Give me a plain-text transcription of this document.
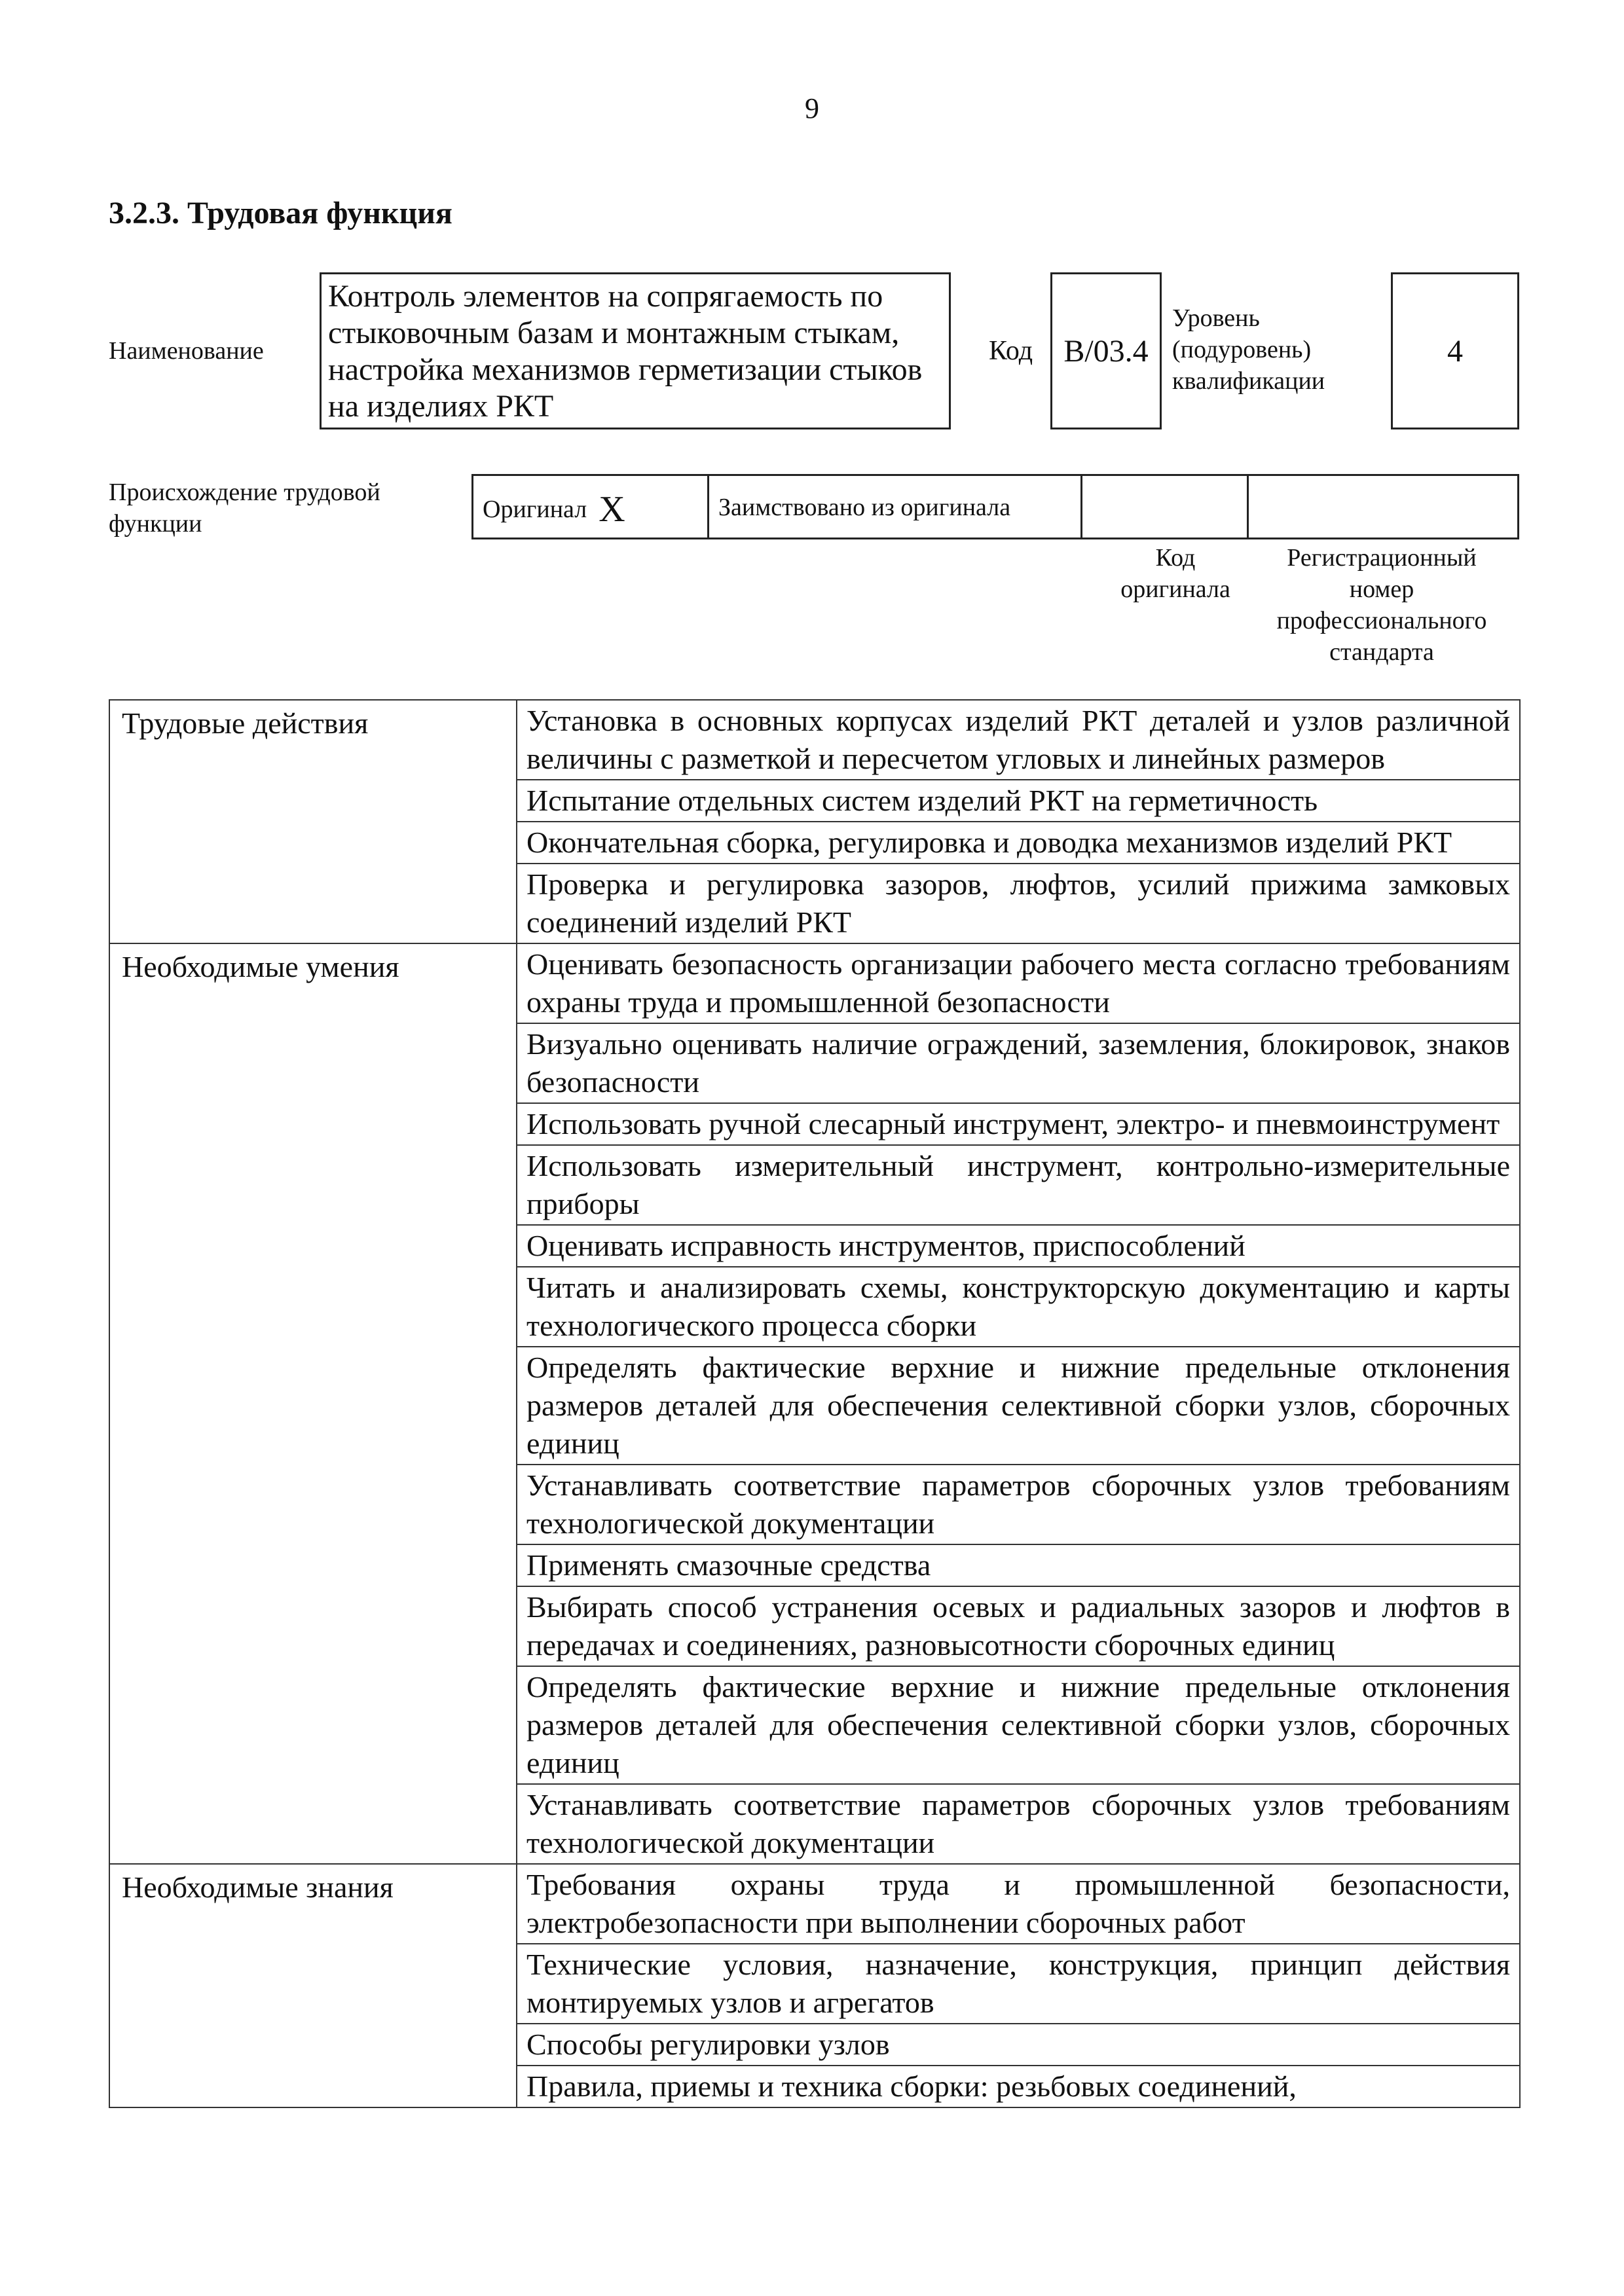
9
3.2.3. Трудовая функция
Наименование
Контроль элементов на сопрягаемость по стыковочным базам и монтажным стыкам, настройка механизмов герметизации стыков на изделиях РКТ
Код B/03.4
Уровень
(подуровень)
квалификации
4
Происхождение трудовой
функции
Оригинал X	Заимствовано из оригинала
Код
оригинала
Регистрационный
номер
профессионального
стандарта
Трудовые действия	Установка в основных корпусах изделий РКТ деталей и узлов различной величины с разметкой и пересчетом угловых и линейных размеров
	Испытание отдельных систем изделий РКТ на герметичность
	Окончательная сборка, регулировка и доводка механизмов изделий РКТ
	Проверка и регулировка зазоров, люфтов, усилий прижима замковых соединений изделий РКТ
Необходимые умения	Оценивать безопасность организации рабочего места согласно требованиям охраны труда и промышленной безопасности
	Визуально оценивать наличие ограждений, заземления, блокировок, знаков безопасности
	Использовать ручной слесарный инструмент, электро- и пневмоинструмент
	Использовать измерительный инструмент, контрольно-измерительные приборы
	Оценивать исправность инструментов, приспособлений
	Читать и анализировать схемы, конструкторскую документацию и карты технологического процесса сборки
	Определять фактические верхние и нижние предельные отклонения размеров деталей для обеспечения селективной сборки узлов, сборочных единиц
	Устанавливать соответствие параметров сборочных узлов требованиям технологической документации
	Применять смазочные средства
	Выбирать способ устранения осевых и радиальных зазоров и люфтов в передачах и соединениях, разновысотности сборочных единиц
	Определять фактические верхние и нижние предельные отклонения размеров деталей для обеспечения селективной сборки узлов, сборочных единиц
	Устанавливать соответствие параметров сборочных узлов требованиям технологической документации
Необходимые знания	Требования охраны труда и промышленной безопасности, электробезопасности при выполнении сборочных работ
	Технические условия, назначение, конструкция, принцип действия монтируемых узлов и агрегатов
	Способы регулировки узлов
	Правила, приемы и техника сборки: резьбовых соединений,
